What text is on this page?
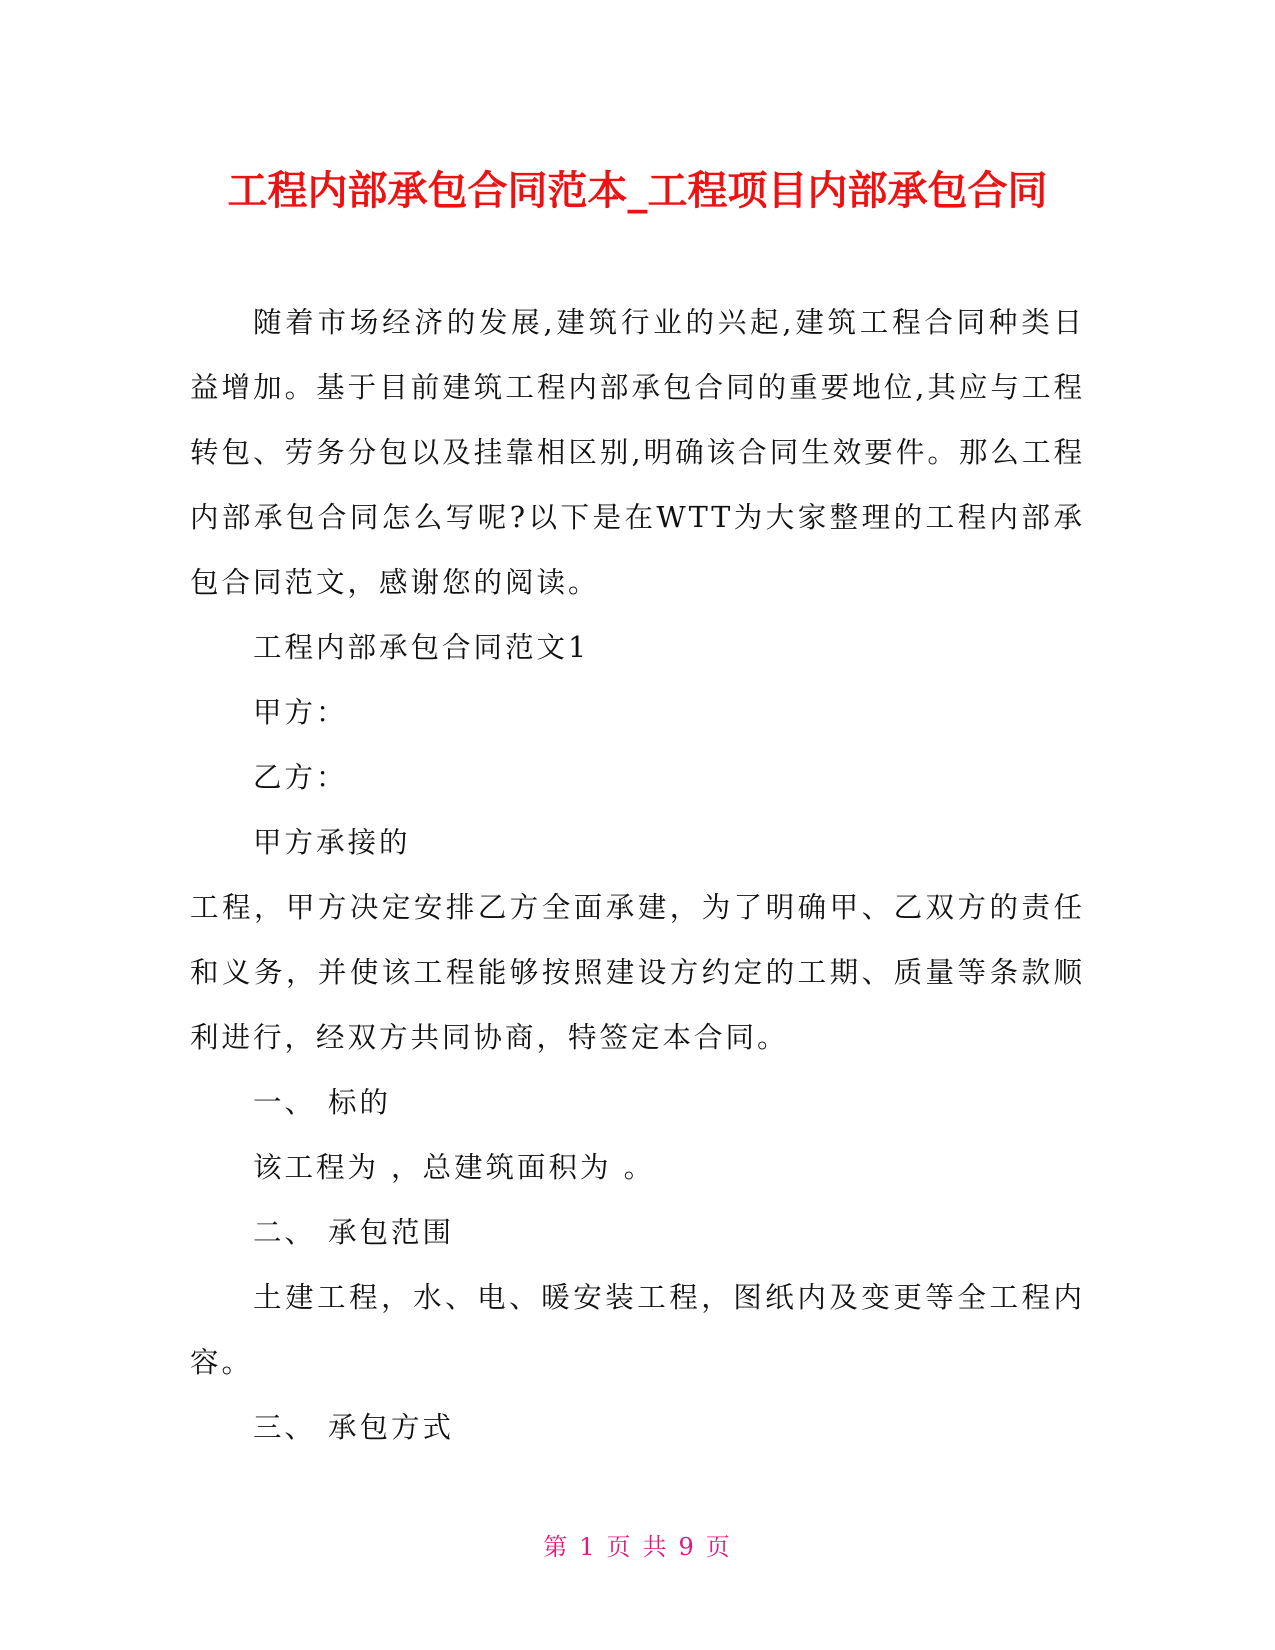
工程内部承包合同范本_工程项目内部承包合同

随着市场经济的发展,建筑行业的兴起,建筑工程合同种类日益增加。基于目前建筑工程内部承包合同的重要地位,其应与工程转包、劳务分包以及挂靠相区别,明确该合同生效要件。那么工程内部承包合同怎么写呢?以下是在WTT为大家整理的工程内部承包合同范文，感谢您的阅读。

工程内部承包合同范文1

甲方：

乙方：

甲方承接的

工程，甲方决定安排乙方全面承建，为了明确甲、乙双方的责任和义务，并使该工程能够按照建设方约定的工期、质量等条款顺利进行，经双方共同协商，特签定本合同。

一、 标的

该工程为 ，总建筑面积为 。

二、 承包范围

土建工程，水、电、暖安装工程，图纸内及变更等全工程内容。

三、 承包方式

第 1 页 共 9 页
